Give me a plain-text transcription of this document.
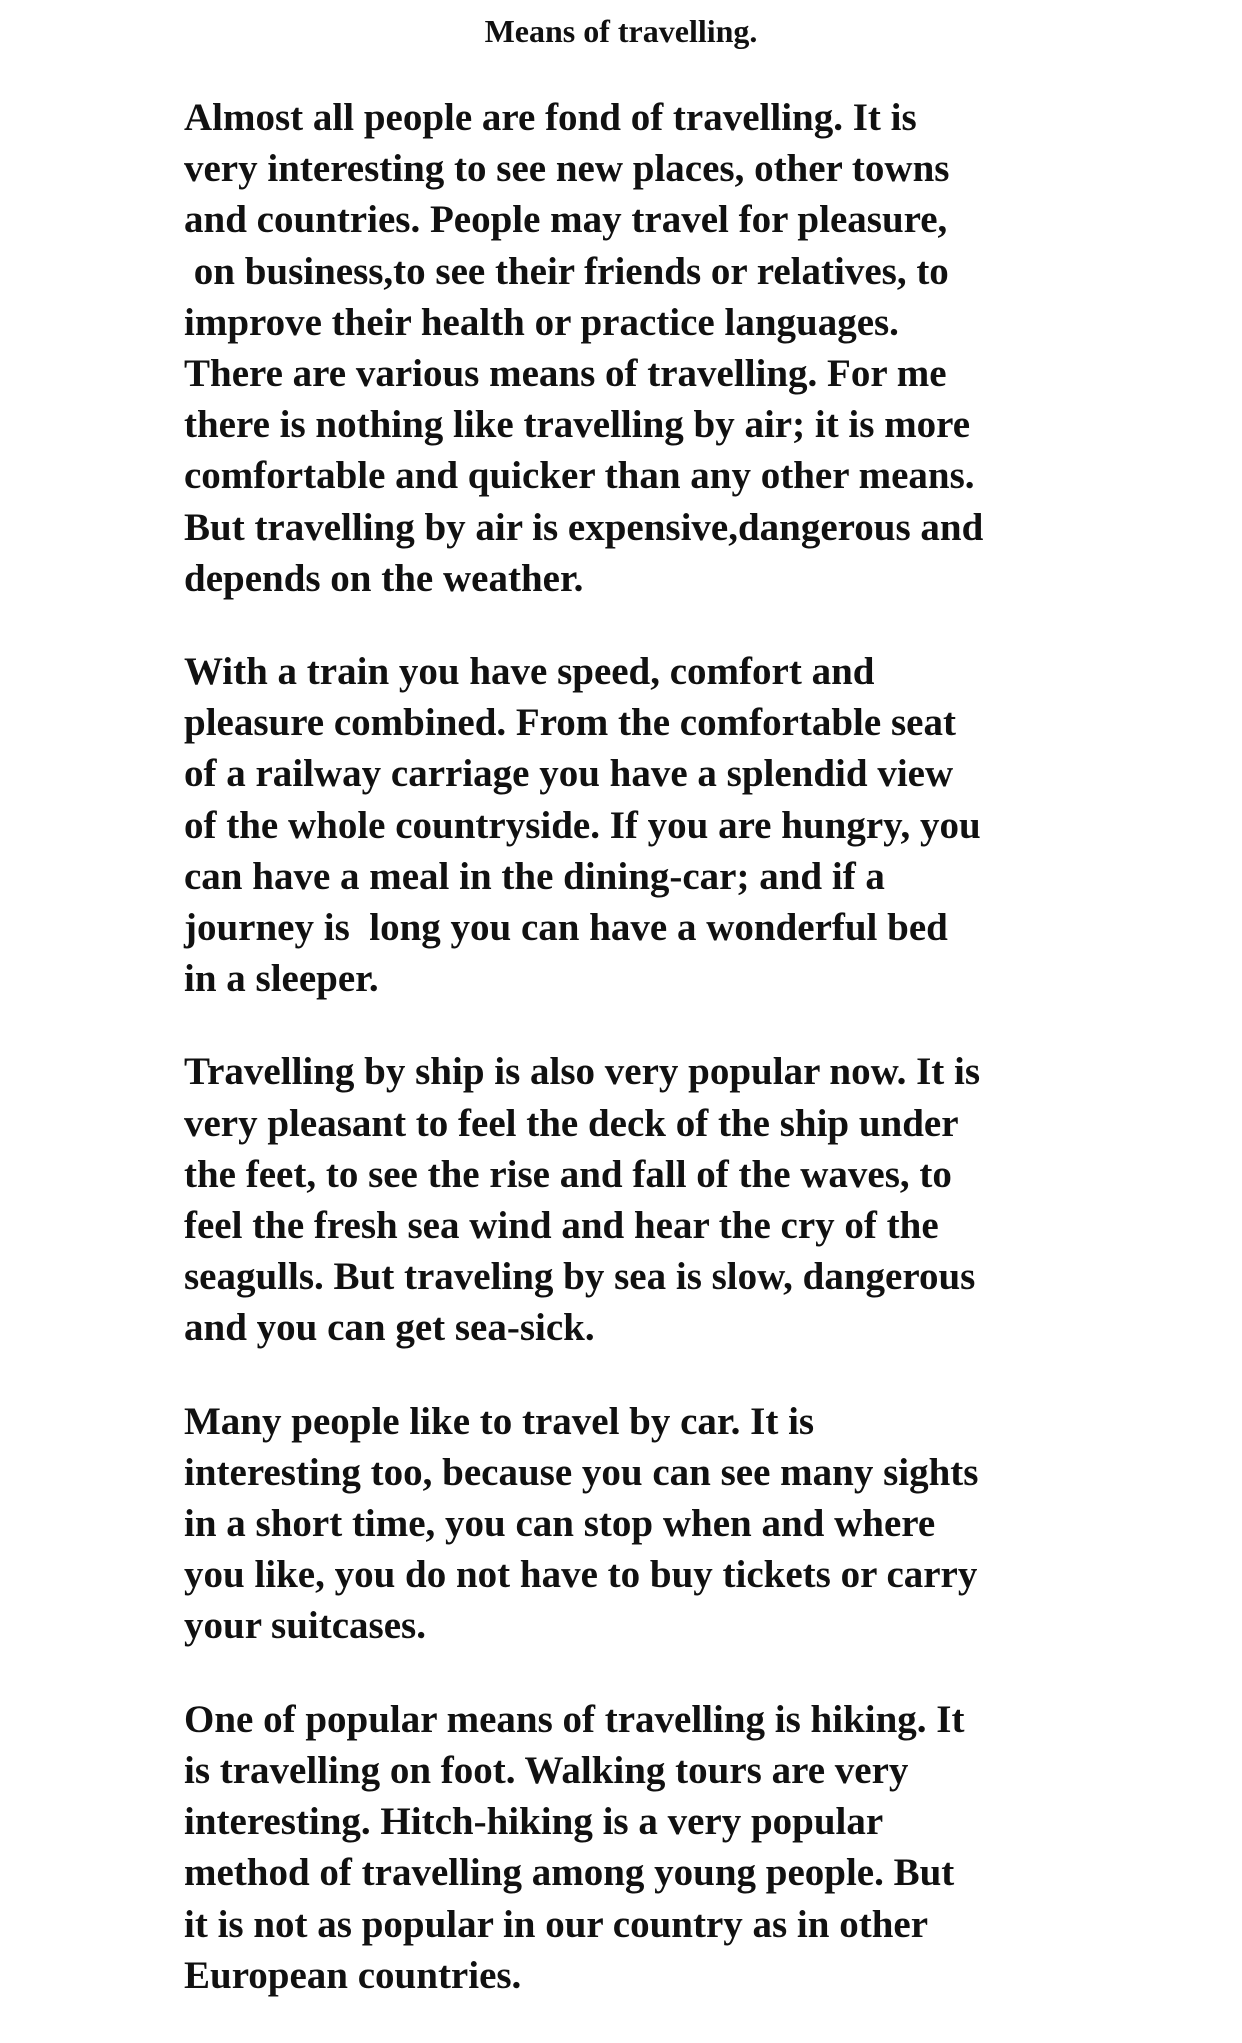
Means of travelling.

Almost all people are fond of travelling. It is
very interesting to see new places, other towns
and countries. People may travel for pleasure,
on business,to see their friends or relatives, to
improve their health or practice languages.
There are various means of travelling. For me
there is nothing like travelling by air; it is more
comfortable and quicker than any other means.
But travelling by air is expensive,dangerous and
depends on the weather.

With a train you have speed, comfort and
pleasure combined. From the comfortable seat
of a railway carriage you have a splendid view
of the whole countryside. If you are hungry, you
can have a meal in the dining-car; and if a
journey is  long you can have a wonderful bed
in a sleeper.

Travelling by ship is also very popular now. It is
very pleasant to feel the deck of the ship under
the feet, to see the rise and fall of the waves, to
feel the fresh sea wind and hear the cry of the
seagulls. But traveling by sea is slow, dangerous
and you can get sea-sick.

Many people like to travel by car. It is
interesting too, because you can see many sights
in a short time, you can stop when and where
you like, you do not have to buy tickets or carry
your suitcases.

One of popular means of travelling is hiking. It
is travelling on foot. Walking tours are very
interesting. Hitch-hiking is a very popular
method of travelling among young people. But
it is not as popular in our country as in other
European countries.
